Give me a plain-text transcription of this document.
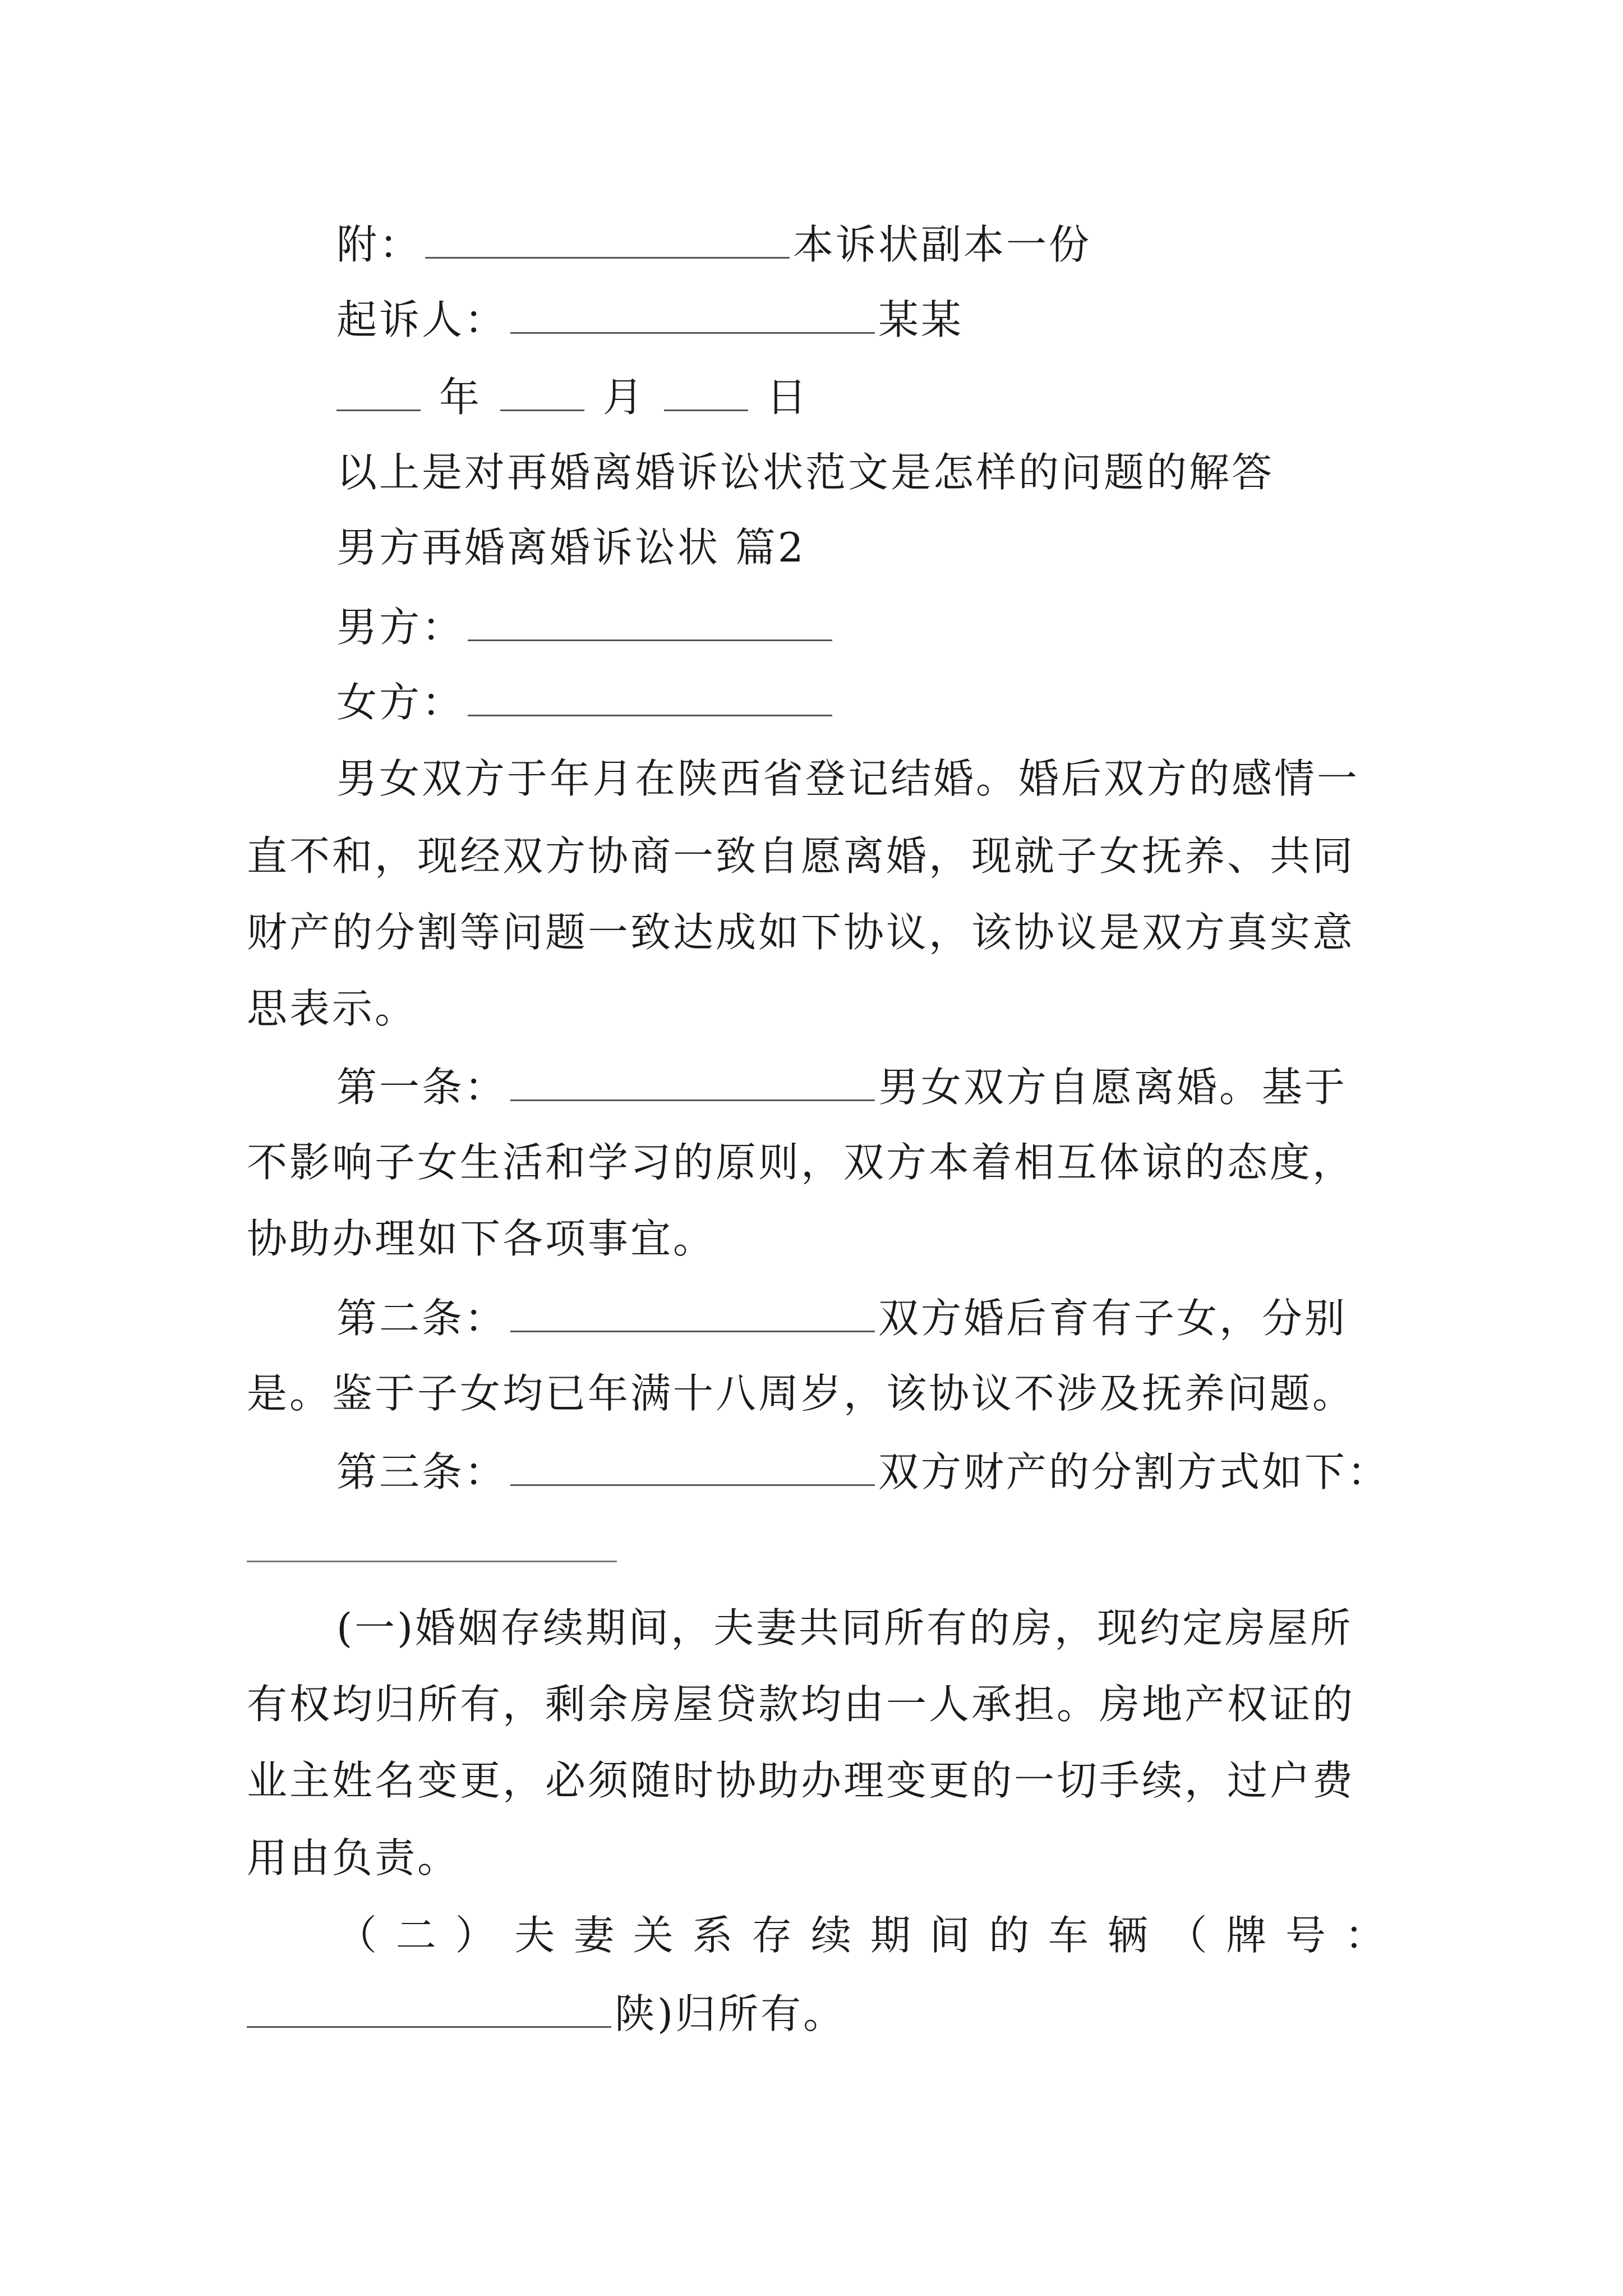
附：	本诉状副本一份
起诉人：	某某
年	月	日
以上是对再婚离婚诉讼状范文是怎样的问题的解答
男方再婚离婚诉讼状 篇2
男方：
女方：
男女双方于年月在陕西省登记结婚。婚后双方的感情一
直不和，现经双方协商一致自愿离婚，现就子女抚养、共同
财产的分割等问题一致达成如下协议，该协议是双方真实意
思表示。
第一条：	男女双方自愿离婚。基于
不影响子女生活和学习的原则，双方本着相互体谅的态度，
协助办理如下各项事宜。
第二条：	双方婚后育有子女，分别
是。鉴于子女均已年满十八周岁，该协议不涉及抚养问题。
第三条：	双方财产的分割方式如下：
(一)婚姻存续期间，夫妻共同所有的房，现约定房屋所
有权均归所有，剩余房屋贷款均由一人承担。房地产权证的
业主姓名变更，必须随时协助办理变更的一切手续，过户费
用由负责。
（ 二 ） 夫 妻 关 系 存 续 期 间 的 车 辆 （ 牌 号 ：
陕)归所有。
